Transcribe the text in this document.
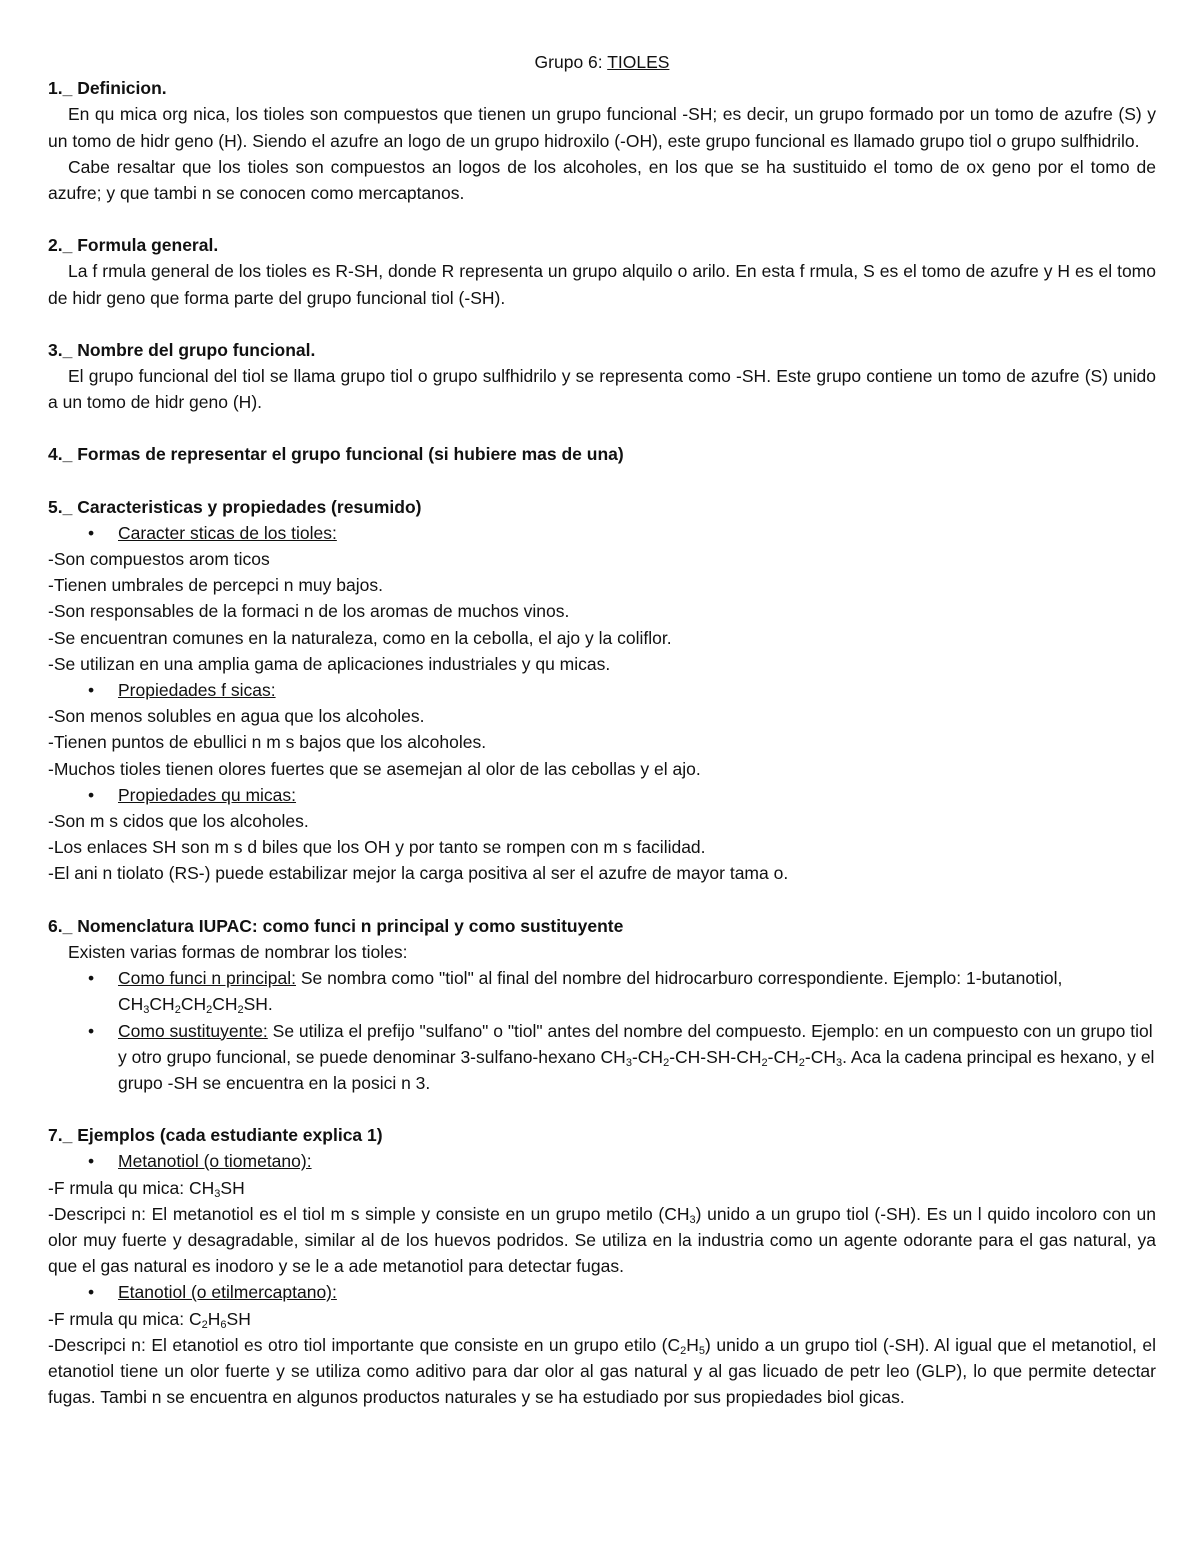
Grupo 6: TIOLES

1._ Definicion.

En qu mica org nica, los tioles son compuestos que tienen un grupo funcional -SH; es decir, un grupo formado por un tomo de azufre (S) y un tomo de hidr geno (H). Siendo el azufre an logo de un grupo hidroxilo (-OH), este grupo funcional es llamado grupo tiol o grupo sulfhidrilo.

Cabe resaltar que los tioles son compuestos an logos de los alcoholes, en los que se ha sustituido el tomo de ox geno por el tomo de azufre; y que tambi n se conocen como mercaptanos.

2._ Formula general.

La f rmula general de los tioles es R-SH, donde R representa un grupo alquilo o arilo. En esta f rmula, S es el tomo de azufre y H es el tomo de hidr geno que forma parte del grupo funcional tiol (-SH).

3._ Nombre del grupo funcional.

El grupo funcional del tiol se llama grupo tiol o grupo sulfhidrilo y se representa como -SH. Este grupo contiene un tomo de azufre (S) unido a un tomo de hidr geno (H).

4._ Formas de representar el grupo funcional (si hubiere mas de una)

5._ Caracteristicas y propiedades (resumido)

• Caracter sticas de los tioles:

-Son compuestos arom ticos

-Tienen umbrales de percepci n muy bajos.

-Son responsables de la formaci n de los aromas de muchos vinos.

-Se encuentran comunes en la naturaleza, como en la cebolla, el ajo y la coliflor.

-Se utilizan en una amplia gama de aplicaciones industriales y qu micas.

• Propiedades f sicas:

-Son menos solubles en agua que los alcoholes.

-Tienen puntos de ebullici n m s bajos que los alcoholes.

-Muchos tioles tienen olores fuertes que se asemejan al olor de las cebollas y el ajo.

• Propiedades qu micas:

-Son m s cidos que los alcoholes.

-Los enlaces SH son m s d biles que los OH y por tanto se rompen con m s facilidad.

-El ani n tiolato (RS-) puede estabilizar mejor la carga positiva al ser el azufre de mayor tama o.

6._ Nomenclatura IUPAC: como funci n principal y como sustituyente

Existen varias formas de nombrar los tioles:

• Como funci n principal: Se nombra como "tiol" al final del nombre del hidrocarburo correspondiente. Ejemplo: 1-butanotiol, $CH_3CH_2CH_2CH_2SH$.
• Como sustituyente: Se utiliza el prefijo "sulfano" o "tiol" antes del nombre del compuesto. Ejemplo: en un compuesto con un grupo tiol y otro grupo funcional, se puede denominar 3-sulfano-hexano $CH_3-CH_2-CH-SH-CH_2-CH_2-CH_3$. Aca la cadena principal es hexano, y el grupo -SH se encuentra en la posici n 3.

7._ Ejemplos (cada estudiante explica 1)

• Metanotiol (o tiometano):

-F rmula qu mica: $CH_3SH$

-Descripci n: El metanotiol es el tiol m s simple y consiste en un grupo metilo $(CH_3)$ unido a un grupo tiol (-SH). Es un l quido incoloro con un olor muy fuerte y desagradable, similar al de los huevos podridos. Se utiliza en la industria como un agente odorante para el gas natural, ya que el gas natural es inodoro y se le a ade metanotiol para detectar fugas.

• Etanotiol (o etilmercaptano):

-F rmula qu mica: $C_2H_6SH$

-Descripci n: El etanotiol es otro tiol importante que consiste en un grupo etilo $(C_2H_5)$ unido a un grupo tiol (-SH). Al igual que el metanotiol, el etanotiol tiene un olor fuerte y se utiliza como aditivo para dar olor al gas natural y al gas licuado de petr leo (GLP), lo que permite detectar fugas. Tambi n se encuentra en algunos productos naturales y se ha estudiado por sus propiedades biol gicas.
